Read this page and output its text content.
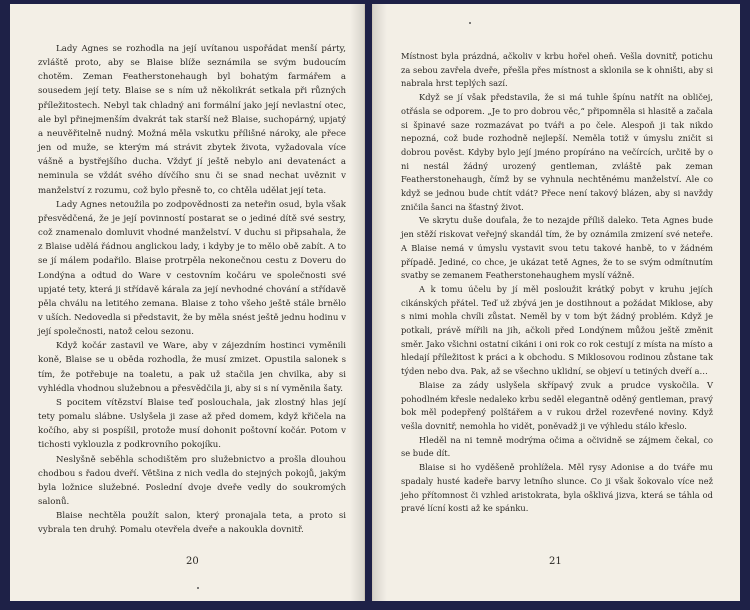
Lady Agnes se rozhodla na její uvítanou uspořádat menší párty, zvláště proto, aby se Blaise blíže seznámila se svým budoucím chotěm. Zeman Featherstonehaugh byl bohatým farmářem a sousedem její tety. Blaise se s ním už několikrát setkala při různých příležitostech. Nebyl tak chladný ani formální jako její nevlastní otec, ale byl přinejmenším dvakrát tak starší než Blaise, suchopárný, upjatý a neuvěřitelně nudný. Možná měla vskutku přílišné nároky, ale přece jen od muže, se kterým má strávit zbytek života, vyžadovala více vášně a bystřejšího ducha. Vždyť jí ještě nebylo ani devatenáct a neminula se vždát svého dívčího snu či se snad nechat uvěznit v manželství z rozumu, což bylo přesně to, co chtěla udělat její teta.

Lady Agnes netoužila po zodpovědnosti za neteřin osud, byla však přesvědčená, že je její povinností postarat se o jediné dítě své sestry, což znamenalo domluvit vhodné manželství. V duchu si připsahala, že z Blaise udělá řádnou anglickou lady, i kdyby je to mělo obě zabít. A to se jí málem podařilo. Blaise protrpěla nekonečnou cestu z Doveru do Londýna a odtud do Ware v cestovním kočáru ve společnosti své upjaté tety, která ji střídavě kárala za její nevhodné chování a střídavě pěla chválu na letitého zemana. Blaise z toho všeho ještě stále brnělo v uších. Nedovedla si představit, že by měla snést ještě jednu hodinu v její společnosti, natož celou sezonu.

Když kočár zastavil ve Ware, aby v zájezdním hostinci vyměnili koně, Blaise se u oběda rozhodla, že musí zmizet. Opustila salonek s tím, že potřebuje na toaletu, a pak už stačila jen chvilka, aby si vyhlédla vhodnou služebnou a přesvědčila ji, aby si s ní vyměnila šaty.

S pocitem vítězství Blaise teď poslouchala, jak zlostný hlas její tety pomalu slábne. Uslyšela ji zase až před domem, když křičela na kočího, aby si pospíšil, protože musí dohonit poštovní kočár. Potom v tichosti vyklouzla z podkrovního pokojíku.

Neslyšně seběhla schodištěm pro služebnictvo a prošla dlouhou chodbou s řadou dveří. Většina z nich vedla do stejných pokojů, jakým byla ložnice služebné. Poslední dvoje dveře vedly do soukromých salonů.

Blaise nechtěla použít salon, který pronajala teta, a proto si vybrala ten druhý. Pomalu otevřela dveře a nakoukla dovnitř.

20

Místnost byla prázdná, ačkoliv v krbu hořel oheň. Vešla dovnitř, potichu za sebou zavřela dveře, přešla přes místnost a sklonila se k ohništi, aby si nabrala hrst teplých sazí.

Když se jí však představila, že si má tuhle špínu natřít na obličej, otřásla se odporem. „Je to pro dobrou věc,“ připomněla si hlasitě a začala si špinavé saze rozmazávat po tváři a po čele. Alespoň ji tak nikdo nepozná, což bude rozhodně nejlepší. Neměla totiž v úmyslu zničit si dobrou pověst. Kdyby bylo její jméno propíráno na večírcích, určitě by o ni nestál žádný urozený gentleman, zvláště pak zeman Featherstonehaugh, čímž by se vyhnula nechtěnému manželství. Ale co když se jednou bude chtít vdát? Přece není takový blázen, aby si navždy zničila šanci na šťastný život.

Ve skrytu duše doufala, že to nezajde příliš daleko. Teta Agnes bude jen stěží riskovat veřejný skandál tím, že by oznámila zmizení své neteře. A Blaise nemá v úmyslu vystavit svou tetu takové hanbě, to v žádném případě. Jediné, co chce, je ukázat tetě Agnes, že to se svým odmítnutím svatby se zemanem Featherstonehaughem myslí vážně.

A k tomu účelu by jí měl posloužit krátký pobyt v kruhu jejích cikánských přátel. Teď už zbývá jen je dostihnout a požádat Miklose, aby s nimi mohla chvíli zůstat. Neměl by v tom být žádný problém. Když je potkali, právě mířili na jih, ačkoli před Londýnem můžou ještě změnit směr. Jako všichni ostatní cikáni i oni rok co rok cestují z místa na místo a hledají příležitost k práci a k obchodu. S Miklosovou rodinou zůstane tak týden nebo dva. Pak, až se všechno uklidní, se objeví u tetiných dveří a…

Blaise za zády uslyšela skřípavý zvuk a prudce vyskočila. V pohodlném křesle nedaleko krbu seděl elegantně oděný gentleman, pravý bok měl podepřený polštářem a v rukou držel rozevřené noviny. Když vešla dovnitř, nemohla ho vidět, poněvadž ji ve výhledu stálo křeslo.

Hleděl na ni temně modrýma očima a očividně se zájmem čekal, co se bude dít.

Blaise si ho vyděšeně prohlížela. Měl rysy Adonise a do tváře mu spadaly husté kadeře barvy letního slunce. Co ji však šokovalo více než jeho přítomnost či vzhled aristokrata, byla ošklivá jizva, která se táhla od pravé lícní kosti až ke spánku.

21
